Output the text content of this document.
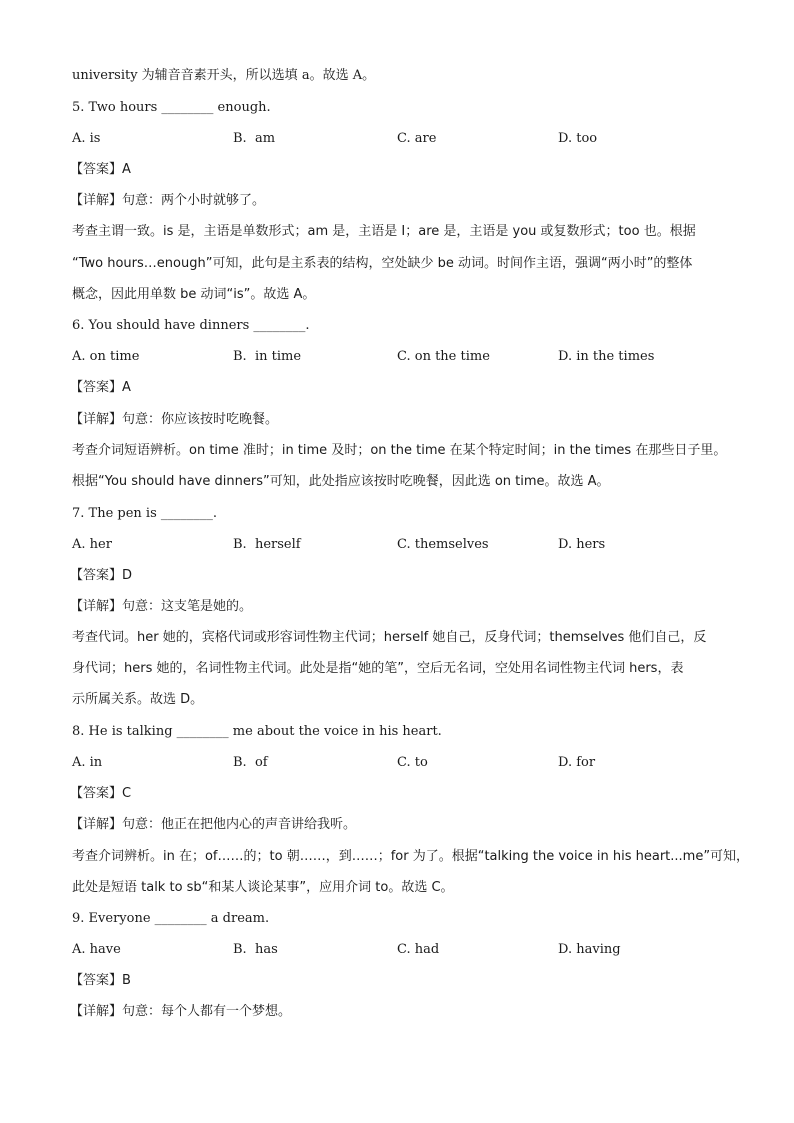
university 为辅音音素开头，所以选填 a。故选 A。
5. Two hours ________ enough.
A. is	B.  am	C. are	D. too
【答案】A
【详解】句意：两个小时就够了。
考查主谓一致。is 是，主语是单数形式；am 是，主语是 I；are 是，主语是 you 或复数形式；too 也。根据
“Two hours…enough”可知，此句是主系表的结构，空处缺少 be 动词。时间作主语，强调“两小时”的整体
概念，因此用单数 be 动词“is”。故选 A。
6. You should have dinners ________.
A. on time	B.  in time	C. on the time	D. in the times
【答案】A
【详解】句意：你应该按时吃晚餐。
考查介词短语辨析。on time 准时；in time 及时；on the time 在某个特定时间；in the times 在那些日子里。
根据“You should have dinners”可知，此处指应该按时吃晚餐，因此选 on time。故选 A。
7. The pen is ________.
A. her	B.  herself	C. themselves	D. hers
【答案】D
【详解】句意：这支笔是她的。
考查代词。her 她的，宾格代词或形容词性物主代词；herself 她自己，反身代词；themselves 他们自己，反
身代词；hers 她的，名词性物主代词。此处是指“她的笔”，空后无名词，空处用名词性物主代词 hers，表
示所属关系。故选 D。
8. He is talking ________ me about the voice in his heart.
A. in	B.  of	C. to	D. for
【答案】C
【详解】句意：他正在把他内心的声音讲给我听。
考查介词辨析。in 在；of……的；to 朝……，到……；for 为了。根据“talking the voice in his heart...me”可知，
此处是短语 talk to sb“和某人谈论某事”，应用介词 to。故选 C。
9. Everyone ________ a dream.
A. have	B.  has	C. had	D. having
【答案】B
【详解】句意：每个人都有一个梦想。
